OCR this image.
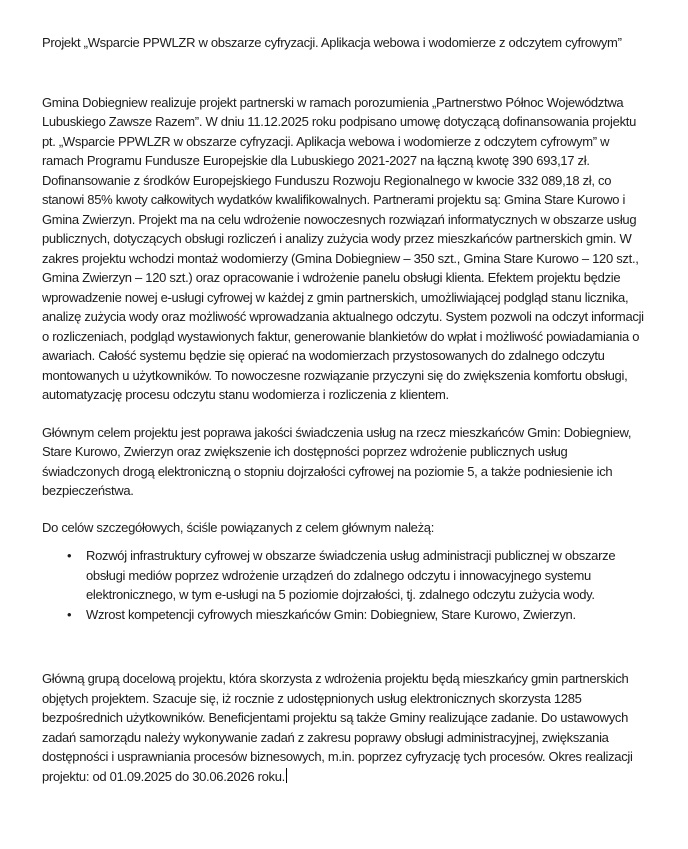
Projekt „Wsparcie PPWLZR w obszarze cyfryzacji. Aplikacja webowa i wodomierze z odczytem cyfrowym”

Gmina Dobiegniew realizuje projekt partnerski w ramach porozumienia „Partnerstwo Północ Województwa Lubuskiego Zawsze Razem”. W dniu 11.12.2025 roku podpisano umowę dotyczącą dofinansowania projektu pt. „Wsparcie PPWLZR w obszarze cyfryzacji. Aplikacja webowa i wodomierze z odczytem cyfrowym” w ramach Programu Fundusze Europejskie dla Lubuskiego 2021-2027 na łączną kwotę 390 693,17 zł. Dofinansowanie z środków Europejskiego Funduszu Rozwoju Regionalnego w kwocie 332 089,18 zł, co stanowi 85% kwoty całkowitych wydatków kwalifikowalnych. Partnerami projektu są: Gmina Stare Kurowo i Gmina Zwierzyn. Projekt ma na celu wdrożenie nowoczesnych rozwiązań informatycznych w obszarze usług publicznych, dotyczących obsługi rozliczeń i analizy zużycia wody przez mieszkańców partnerskich gmin. W zakres projektu wchodzi montaż wodomierzy (Gmina Dobiegniew – 350 szt., Gmina Stare Kurowo – 120 szt., Gmina Zwierzyn – 120 szt.) oraz opracowanie i wdrożenie panelu obsługi klienta. Efektem projektu będzie wprowadzenie nowej e-usługi cyfrowej w każdej z gmin partnerskich, umożliwiającej podgląd stanu licznika, analizę zużycia wody oraz możliwość wprowadzania aktualnego odczytu. System pozwoli na odczyt informacji o rozliczeniach, podgląd wystawionych faktur, generowanie blankietów do wpłat i możliwość powiadamiania o awariach. Całość systemu będzie się opierać na wodomierzach przystosowanych do zdalnego odczytu montowanych u użytkowników. To nowoczesne rozwiązanie przyczyni się do zwiększenia komfortu obsługi, automatyzację procesu odczytu stanu wodomierza i rozliczenia z klientem.

Głównym celem projektu jest poprawa jakości świadczenia usług na rzecz mieszkańców Gmin: Dobiegniew, Stare Kurowo, Zwierzyn oraz zwiększenie ich dostępności poprzez wdrożenie publicznych usług świadczonych drogą elektroniczną o stopniu dojrzałości cyfrowej na poziomie 5, a także podniesienie ich bezpieczeństwa.

Do celów szczegółowych, ściśle powiązanych z celem głównym należą:

• Rozwój infrastruktury cyfrowej w obszarze świadczenia usług administracji publicznej w obszarze obsługi mediów poprzez wdrożenie urządzeń do zdalnego odczytu i innowacyjnego systemu elektronicznego, w tym e-usługi na 5 poziomie dojrzałości, tj. zdalnego odczytu zużycia wody.
• Wzrost kompetencji cyfrowych mieszkańców Gmin: Dobiegniew, Stare Kurowo, Zwierzyn.

Główną grupą docelową projektu, która skorzysta z wdrożenia projektu będą mieszkańcy gmin partnerskich objętych projektem. Szacuje się, iż rocznie z udostępnionych usług elektronicznych skorzysta 1285 bezpośrednich użytkowników. Beneficjentami projektu są także Gminy realizujące zadanie. Do ustawowych zadań samorządu należy wykonywanie zadań z zakresu poprawy obsługi administracyjnej, zwiększania dostępności i usprawniania procesów biznesowych, m.in. poprzez cyfryzację tych procesów. Okres realizacji projektu: od 01.09.2025 do 30.06.2026 roku.
